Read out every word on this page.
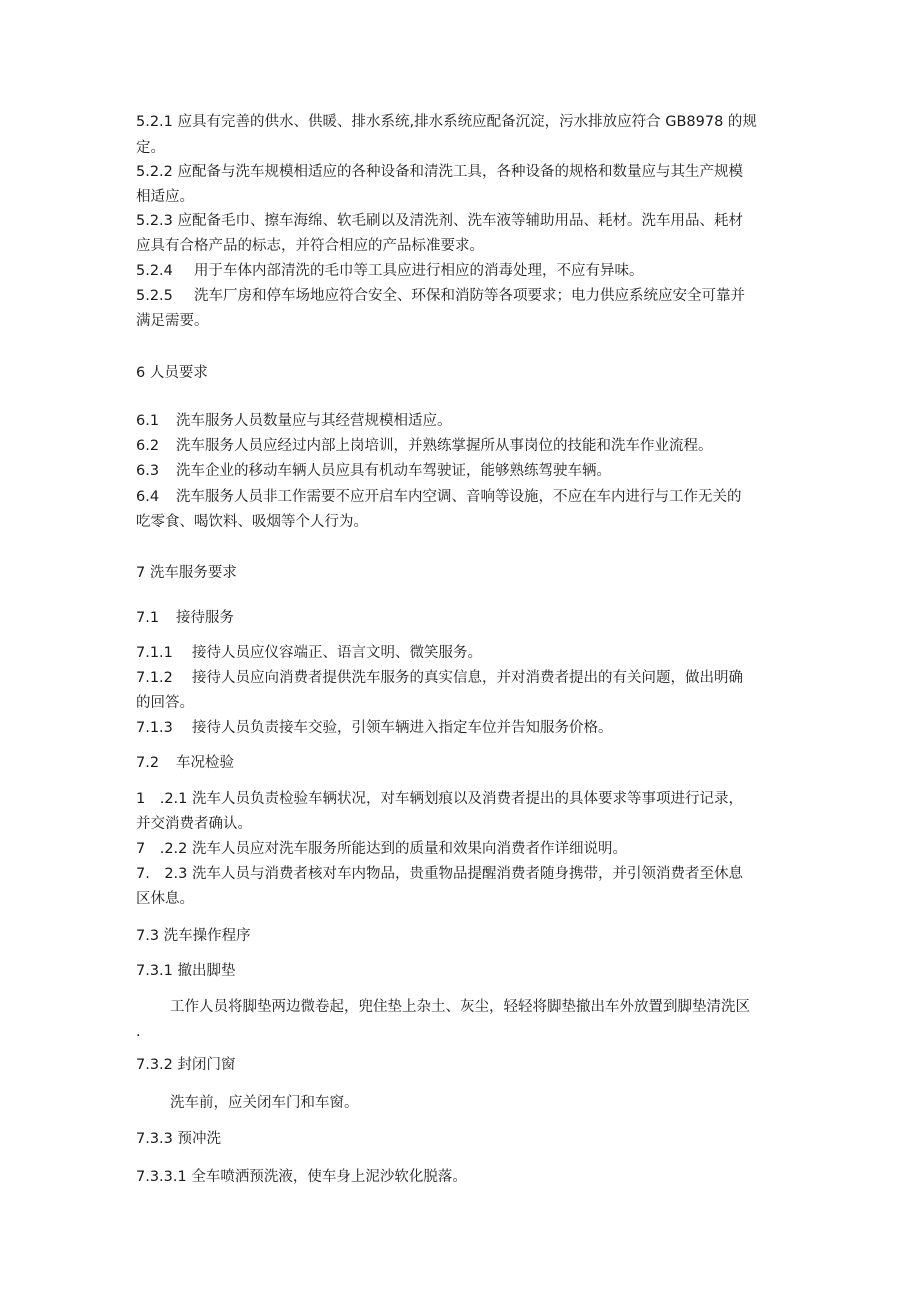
5.2.1 应具有完善的供水、供暖、排水系统,排水系统应配备沉淀，污水排放应符合 GB8978 的规
定。
5.2.2 应配备与洗车规模相适应的各种设备和清洗工具，各种设备的规格和数量应与其生产规模
相适应。
5.2.3 应配备毛巾、擦车海绵、软毛刷以及清洗剂、洗车液等辅助用品、耗材。洗车用品、耗材
应具有合格产品的标志，并符合相应的产品标准要求。
5.2.4 用于车体内部清洗的毛巾等工具应进行相应的消毒处理，不应有异味。
5.2.5 洗车厂房和停车场地应符合安全、环保和消防等各项要求；电力供应系统应安全可靠并
满足需要。
6 人员要求
6.1 洗车服务人员数量应与其经营规模相适应。
6.2 洗车服务人员应经过内部上岗培训，并熟练掌握所从事岗位的技能和洗车作业流程。
6.3 洗车企业的移动车辆人员应具有机动车驾驶证，能够熟练驾驶车辆。
6.4 洗车服务人员非工作需要不应开启车内空调、音响等设施，不应在车内进行与工作无关的
吃零食、喝饮料、吸烟等个人行为。
7 洗车服务要求
7.1 接待服务
7.1.1 接待人员应仪容端正、语言文明、微笑服务。
7.1.2 接待人员应向消费者提供洗车服务的真实信息，并对消费者提出的有关问题，做出明确
的回答。
7.1.3 接待人员负责接车交验，引领车辆进入指定车位并告知服务价格。
7.2 车况检验
1　.2.1 洗车人员负责检验车辆状况，对车辆划痕以及消费者提出的具体要求等事项进行记录，
并交消费者确认。
7　.2.2 洗车人员应对洗车服务所能达到的质量和效果向消费者作详细说明。
7.　2.3 洗车人员与消费者核对车内物品，贵重物品提醒消费者随身携带，并引领消费者至休息
区休息。
7.3 洗车操作程序
7.3.1 撤出脚垫
工作人员将脚垫两边微卷起，兜住垫上杂土、灰尘，轻轻将脚垫撤出车外放置到脚垫清洗区
.
7.3.2 封闭门窗
洗车前，应关闭车门和车窗。
7.3.3 预冲洗
7.3.3.1 全车喷洒预洗液，使车身上泥沙软化脱落。
